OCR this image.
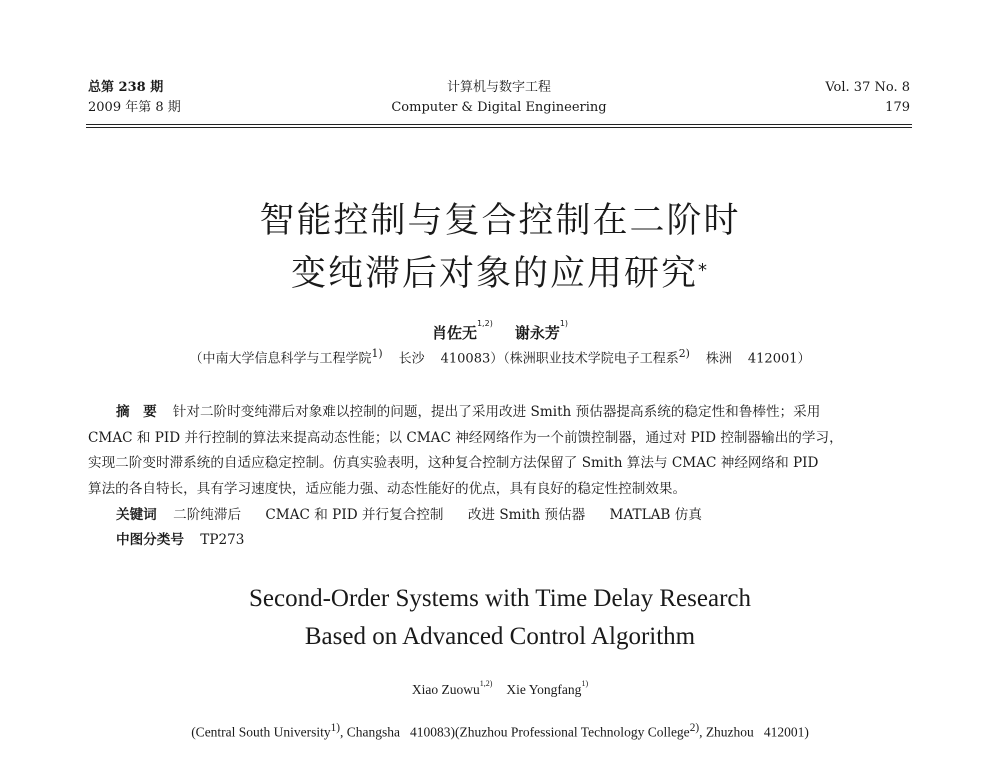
总第 238 期
2009 年第 8 期
计算机与数字工程
Computer & Digital Engineering
Vol. 37 No. 8
179
智能控制与复合控制在二阶时
变纯滞后对象的应用研究*
肖佐无$^{1,2)}$谢永芳$^{1)}$
（中南大学信息科学与工程学院$^{1)}$ 长沙 410083）（株洲职业技术学院电子工程系$^{2)}$ 株洲 412001）

摘　要 针对二阶时变纯滞后对象难以控制的问题，提出了采用改进 Smith 预估器提高系统的稳定性和鲁棒性；采用

CMAC 和 PID 并行控制的算法来提高动态性能；以 CMAC 神经网络作为一个前馈控制器，通过对 PID 控制器输出的学习，

实现二阶变时滞系统的自适应稳定控制。仿真实验表明，这种复合控制方法保留了 Smith 算法与 CMAC 神经网络和 PID

算法的各自特长，具有学习速度快，适应能力强、动态性能好的优点，具有良好的稳定性控制效果。

关键词 二阶纯滞后 CMAC 和 PID 并行复合控制 改进 Smith 预估器 MATLAB 仿真
中图分类号 TP273
Second-Order Systems with Time Delay Research
Based on Advanced Control Algorithm
Xiao Zuowu$^{1,2)}$ Xie Yongfang$^{1)}$
(Central South University$^{1)}$, Changsha 410083)(Zhuzhou Professional Technology College$^{2)}$, Zhuzhou 412001)
